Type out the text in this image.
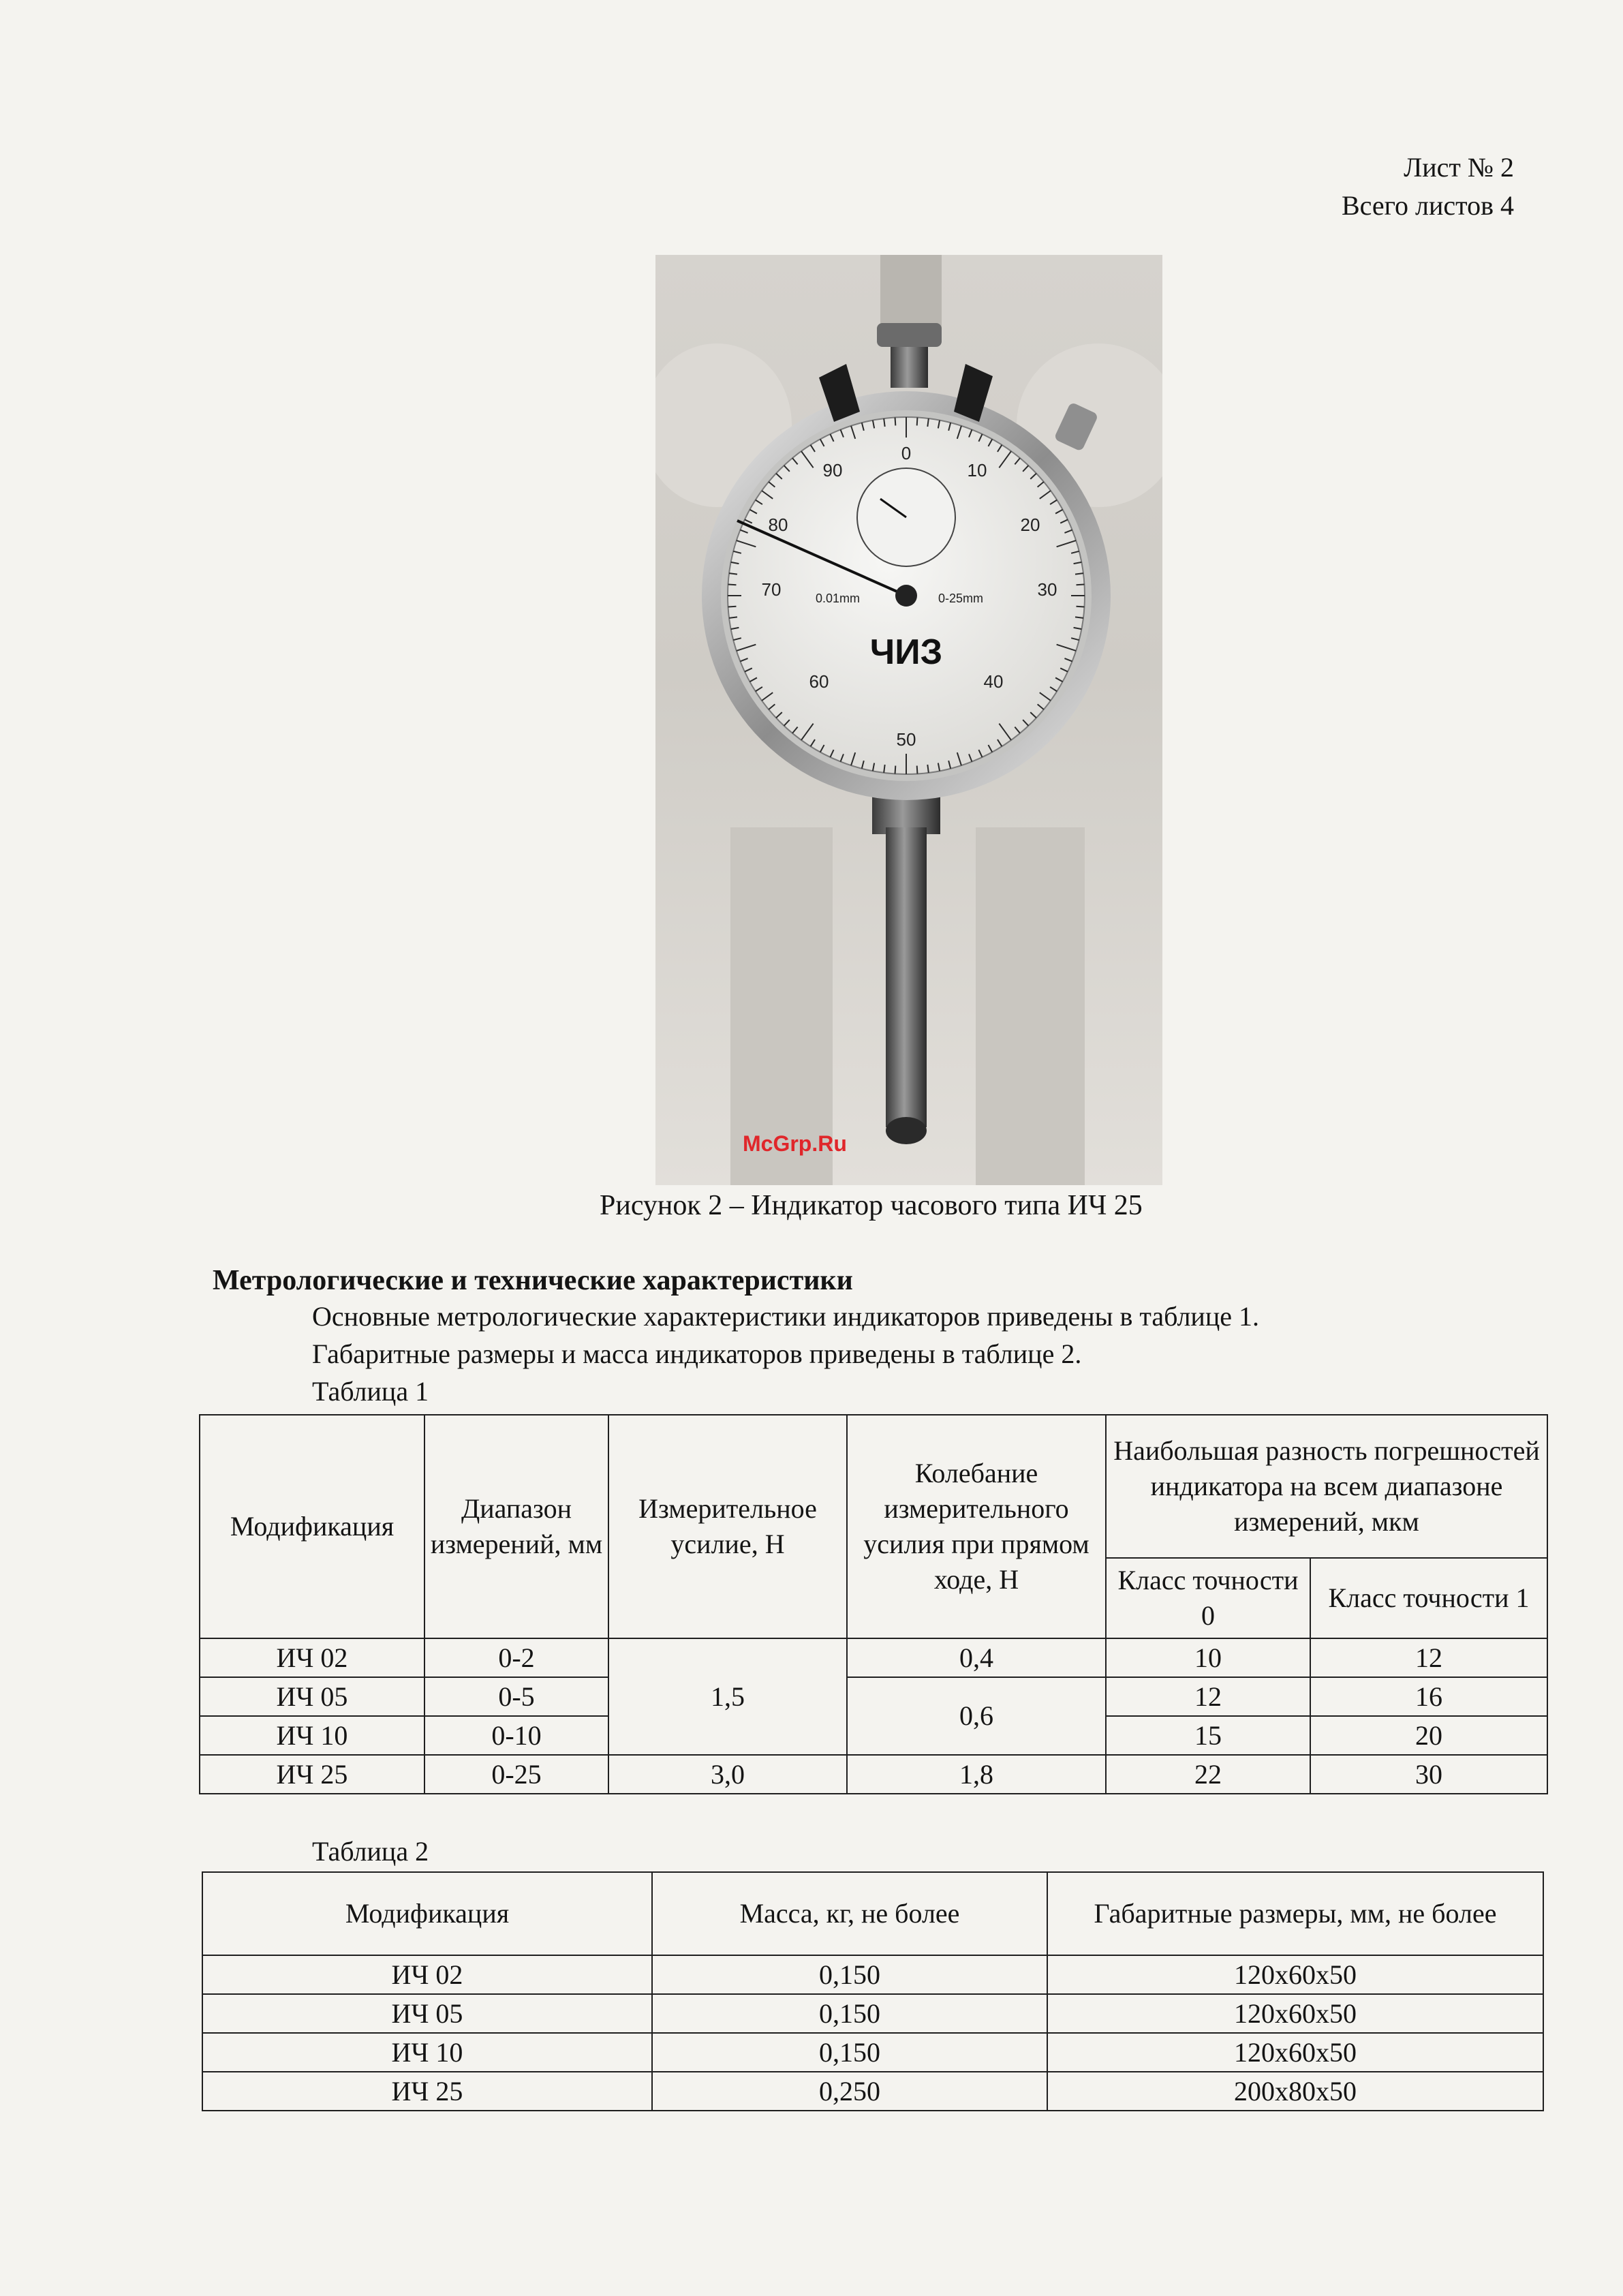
Лист № 2
Всего листов 4
0
10
20
30
40
50
60
70
80
90
0.01mm	0-25mm
ЧИЗ
McGrp.Ru
Рисунок 2 – Индикатор часового типа ИЧ 25
Метрологические и технические характеристики
Основные метрологические характеристики индикаторов приведены в таблице 1.
Габаритные размеры и масса индикаторов приведены в таблице 2.
Таблица 1
Модификация	Диапазон измерений, мм	Измерительное усилие, Н	Колебание измерительного усилия при прямом ходе, Н	Наибольшая разность погрешностей индикатора на всем диапазоне измерений, мкм	
				Класс точности 0	Класс точности 1
ИЧ 02	0-2	1,5	0,4	10	12
ИЧ 05	0-5		0,6	12	16
ИЧ 10	0-10			15	20
ИЧ 25	0-25	3,0	1,8	22	30
Таблица 2
Модификация	Масса, кг, не более	Габаритные размеры, мм, не более
ИЧ 02	0,150	120x60x50
ИЧ 05	0,150	120x60x50
ИЧ 10	0,150	120x60x50
ИЧ 25	0,250	200x80x50
